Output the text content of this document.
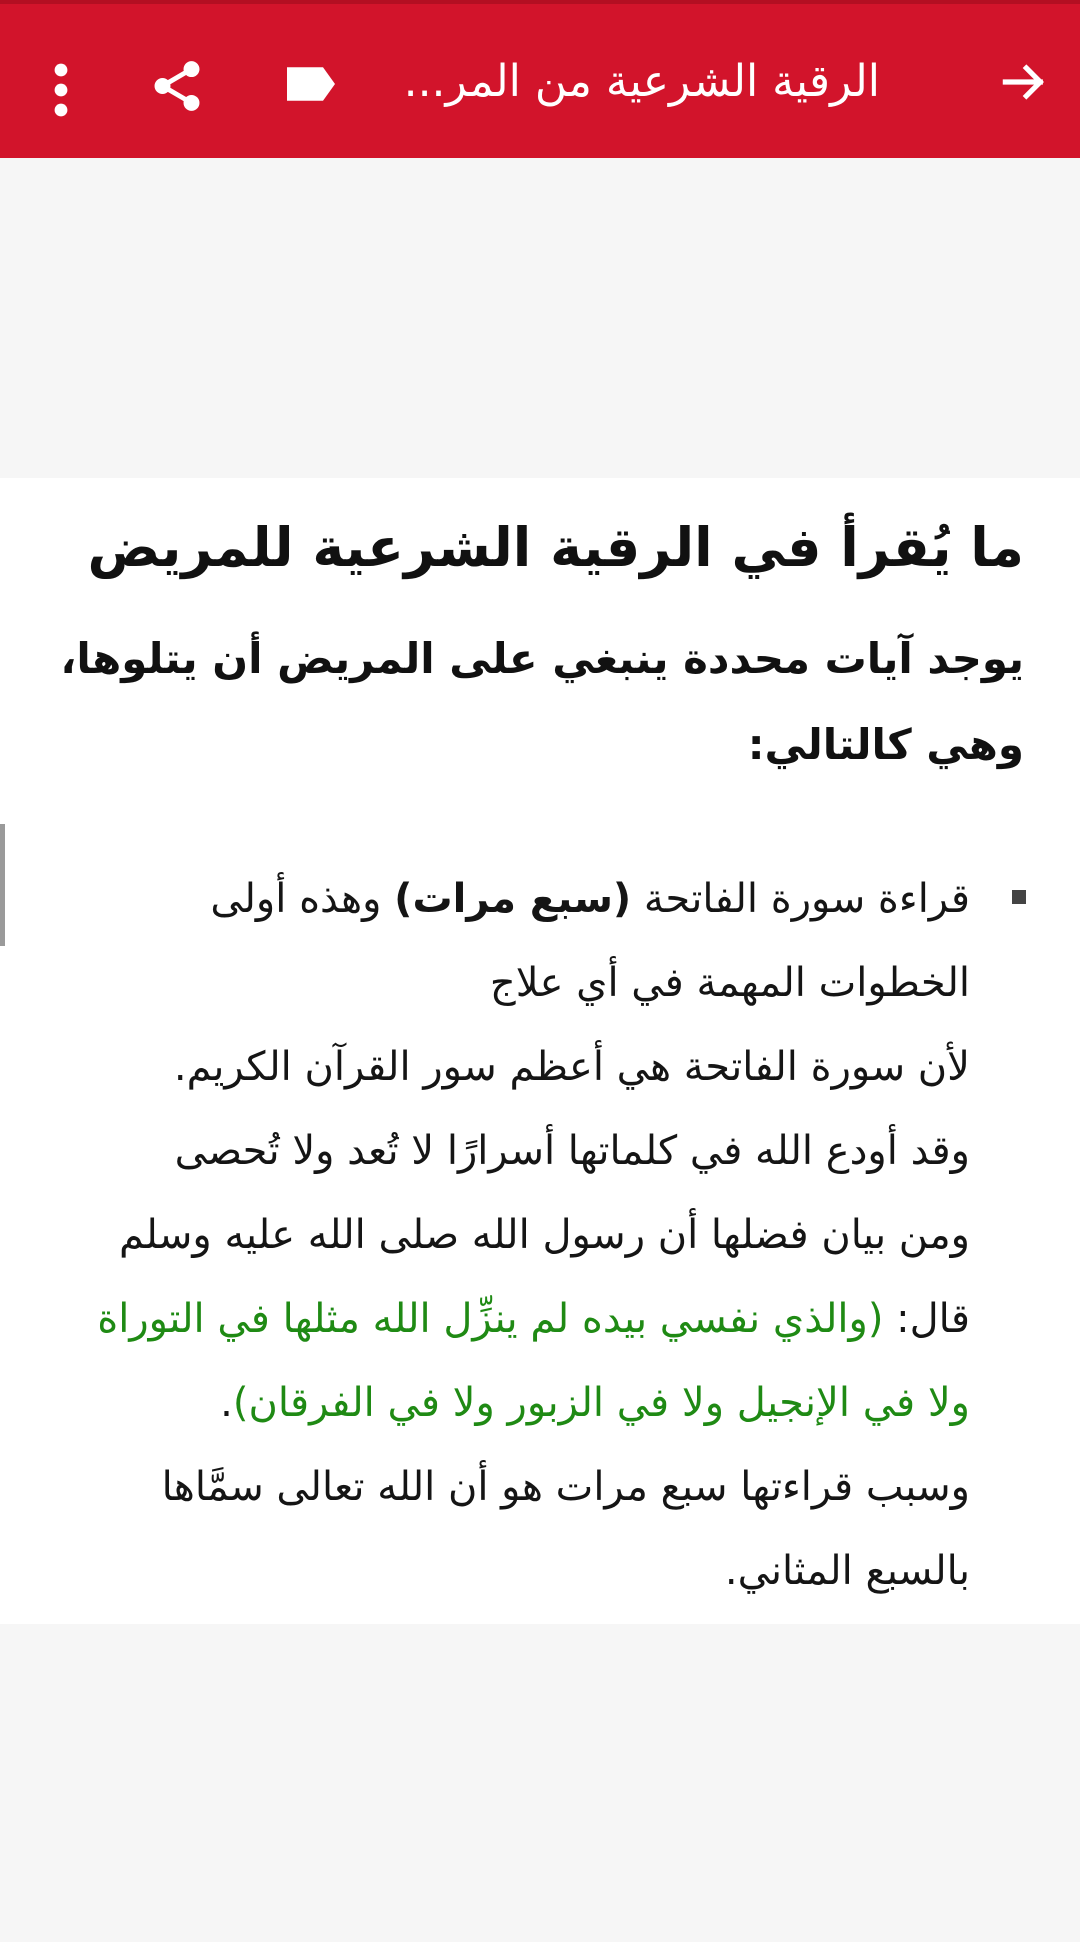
الرقية الشرعية من المر...
ما يُقرأ في الرقية الشرعية للمريض
يوجد آيات محددة ينبغي على المريض أن يتلوها،
وهي كالتالي:
قراءة سورة الفاتحة (سبع مرات) وهذه أولى
الخطوات المهمة في أي علاج
لأن سورة الفاتحة هي أعظم سور القرآن الكريم.
وقد أودع الله في كلماتها أسرارًا لا تُعد ولا تُحصى
ومن بيان فضلها أن رسول الله صلى الله عليه وسلم
قال: (والذي نفسي بيده لم ينزِّل الله مثلها في التوراة
ولا في الإنجيل ولا في الزبور ولا في الفرقان).
وسبب قراءتها سبع مرات هو أن الله تعالى سمَّاها
بالسبع المثاني.
